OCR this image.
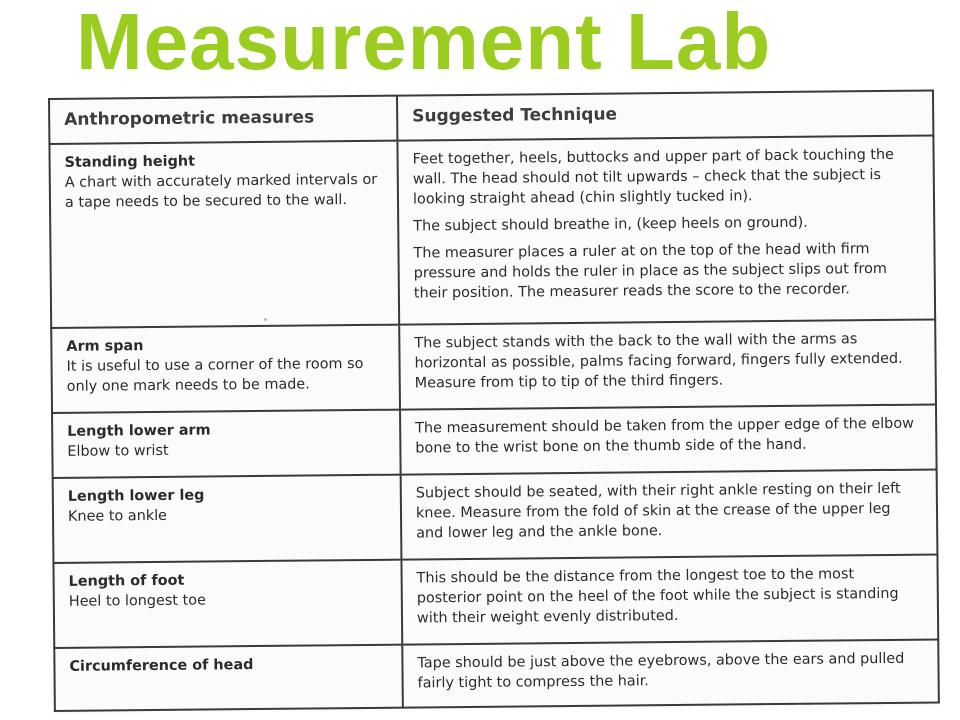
Measurement Lab
Anthropometric measures	Suggested Technique

Standing height
A chart with accurately marked intervals or a tape needs to be secured to the wall.	Feet together, heels, buttocks and upper part of back touching the wall. The head should not tilt upwards – check that the subject is looking straight ahead (chin slightly tucked in).
The subject should breathe in, (keep heels on ground).
The measurer places a ruler at on the top of the head with firm pressure and holds the ruler in place as the subject slips out from their position. The measurer reads the score to the recorder.

Arm span
It is useful to use a corner of the room so only one mark needs to be made.	The subject stands with the back to the wall with the arms as horizontal as possible, palms facing forward, fingers fully extended. Measure from tip to tip of the third fingers.

Length lower arm
Elbow to wrist	The measurement should be taken from the upper edge of the elbow bone to the wrist bone on the thumb side of the hand.

Length lower leg
Knee to ankle	Subject should be seated, with their right ankle resting on their left knee. Measure from the fold of skin at the crease of the upper leg and lower leg and the ankle bone.

Length of foot
Heel to longest toe	This should be the distance from the longest toe to the most posterior point on the heel of the foot while the subject is standing with their weight evenly distributed.

Circumference of head	Tape should be just above the eyebrows, above the ears and pulled fairly tight to compress the hair.
